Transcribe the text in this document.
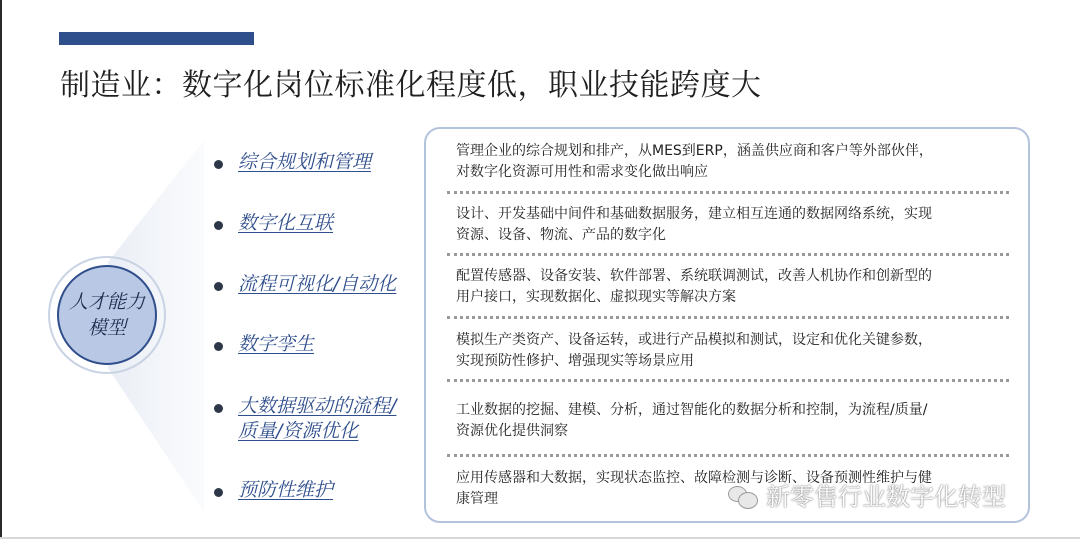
制造业：数字化岗位标准化程度低，职业技能跨度大
人才能力
模型
综合规划和管理
数字化互联
流程可视化/自动化
数字孪生
大数据驱动的流程/
质量/资源优化
预防性维护
管理企业的综合规划和排产，从MES到ERP，涵盖供应商和客户等外部伙伴，
对数字化资源可用性和需求变化做出响应
设计、开发基础中间件和基础数据服务，建立相互连通的数据网络系统，实现
资源、设备、物流、产品的数字化
配置传感器、设备安装、软件部署、系统联调测试，改善人机协作和创新型的
用户接口，实现数据化、虚拟现实等解决方案
模拟生产类资产、设备运转，或进行产品模拟和测试，设定和优化关键参数，
实现预防性修护、增强现实等场景应用
工业数据的挖掘、建模、分析，通过智能化的数据分析和控制，为流程/质量/
资源优化提供洞察
应用传感器和大数据，实现状态监控、故障检测与诊断、设备预测性维护与健
康管理	新零售行业数字化转型
